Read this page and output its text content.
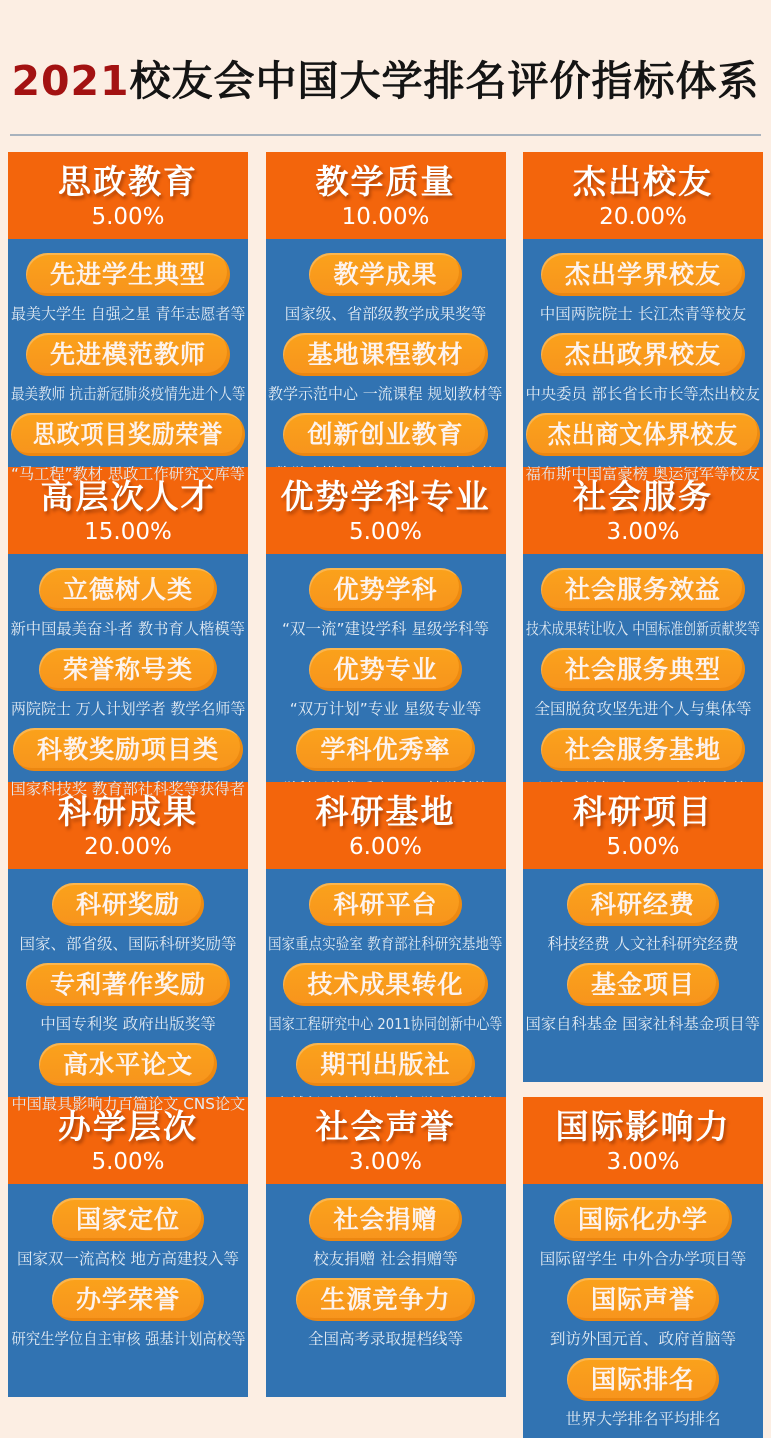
2021校友会中国大学排名评价指标体系
思政教育
5.00%
先进学生典型
最美大学生 自强之星 青年志愿者等
先进模范教师
最美教师 抗击新冠肺炎疫情先进个人等
思政项目奖励荣誉
“马工程”教材 思政工作研究文库等
教学质量
10.00%
教学成果
国家级、省部级教学成果奖等
基地课程教材
教学示范中心 一流课程 规划教材等
创新创业教育
杰出校友
20.00%
杰出学界校友
中国两院院士 长江杰青等校友
杰出政界校友
中央委员 部长省长市长等杰出校友
杰出商文体界校友
福布斯中国富豪榜 奥运冠军等校友
高层次人才
15.00%
立德树人类
新中国最美奋斗者 教书育人楷模等
荣誉称号类
两院院士 万人计划学者 教学名师等
科教奖励项目类
国家科技奖 教育部社科奖等获得者
优势学科专业
5.00%
优势学科
“双一流”建设学科 星级学科等
优势专业
“双万计划”专业 星级专业等
学科优秀率
社会服务
3.00%
社会服务效益
技术成果转让收入 中国标准创新贡献奖等
社会服务典型
全国脱贫攻坚先进个人与集体等
社会服务基地
科研成果
20.00%
科研奖励
国家、部省级、国际科研奖励等
专利著作奖励
中国专利奖 政府出版奖等
高水平论文
中国最具影响力百篇论文 CNS论文
科研基地
6.00%
科研平台
国家重点实验室 教育部社科研究基地等
技术成果转化
国家工程研究中心 2011协同创新中心等
期刊出版社
科研项目
5.00%
科研经费
科技经费 人文社科研究经费
基金项目
国家自科基金 国家社科基金项目等
办学层次
5.00%
国家定位
国家双一流高校 地方高建投入等
办学荣誉
研究生学位自主审核 强基计划高校等
社会声誉
3.00%
社会捐赠
校友捐赠 社会捐赠等
生源竞争力
全国高考录取提档线等
国际影响力
3.00%
国际化办学
国际留学生 中外合办学项目等
国际声誉
到访外国元首、政府首脑等
国际排名
世界大学排名平均排名
